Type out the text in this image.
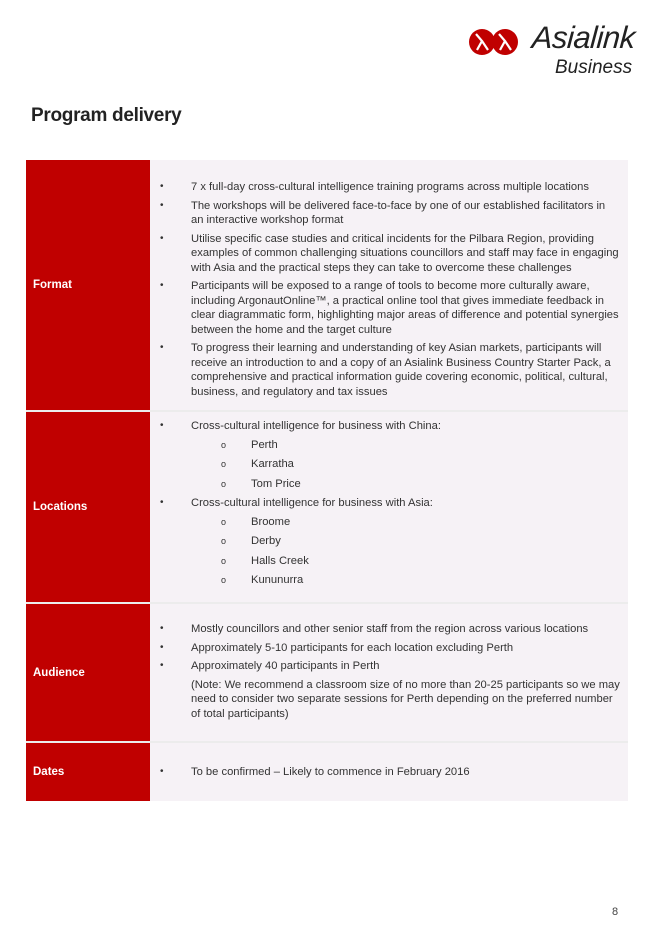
Asialink
Business
Program delivery
Format
• 7 x full-day cross-cultural intelligence training programs across multiple locations
• The workshops will be delivered face-to-face by one of our established facilitators in an interactive workshop format
• Utilise specific case studies and critical incidents for the Pilbara Region, providing examples of common challenging situations councillors and staff may face in engaging with Asia and the practical steps they can take to overcome these challenges
• Participants will be exposed to a range of tools to become more culturally aware, including ArgonautOnline™, a practical online tool that gives immediate feedback in clear diagrammatic form, highlighting major areas of difference and potential synergies between the home and the target culture
• To progress their learning and understanding of key Asian markets, participants will receive an introduction to and a copy of an Asialink Business Country Starter Pack, a comprehensive and practical information guide covering economic, political, cultural, business, and regulatory and tax issues
Locations
• Cross-cultural intelligence for business with China:
o Perth
o Karratha
o Tom Price
• Cross-cultural intelligence for business with Asia:
o Broome
o Derby
o Halls Creek
o Kununurra
Audience
• Mostly councillors and other senior staff from the region across various locations
• Approximately 5-10 participants for each location excluding Perth
• Approximately 40 participants in Perth
(Note: We recommend a classroom size of no more than 20-25 participants so we may need to consider two separate sessions for Perth depending on the preferred number of total participants)
Dates	• To be confirmed – Likely to commence in February 2016
8
